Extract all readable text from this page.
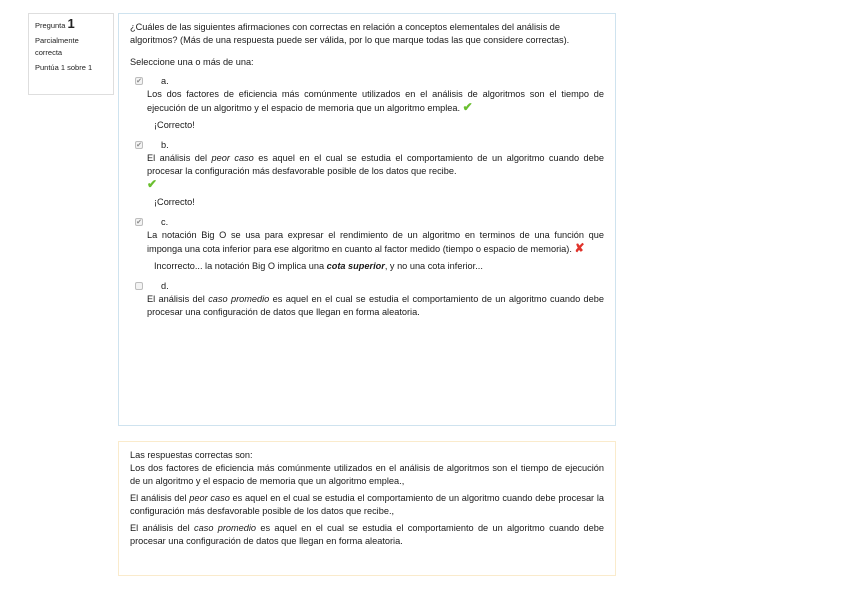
Pregunta 1
Parcialmente correcta
Puntúa 1 sobre 1

¿Cuáles de las siguientes afirmaciones con correctas en relación a conceptos elementales del análisis de algoritmos? (Más de una respuesta puede ser válida, por lo que marque todas las que considere correctas).

Seleccione una o más de una:

✔ a.
Los dos factores de eficiencia más comúnmente utilizados en el análisis de algoritmos son el tiempo de ejecución de un algoritmo y el espacio de memoria que un algoritmo emplea. ✔
¡Correcto!
✔ b.
El análisis del peor caso es aquel en el cual se estudia el comportamiento de un algoritmo cuando debe procesar la configuración más desfavorable posible de los datos que recibe.
✔
¡Correcto!
✔ c.
La notación Big O se usa para expresar el rendimiento de un algoritmo en terminos de una función que imponga una cota inferior para ese algoritmo en cuanto al factor medido (tiempo o espacio de memoria). ✘
Incorrecto... la notación Big O implica una cota superior, y no una cota inferior...
d.
El análisis del caso promedio es aquel en el cual se estudia el comportamiento de un algoritmo cuando debe procesar una configuración de datos que llegan en forma aleatoria.

Las respuestas correctas son:

Los dos factores de eficiencia más comúnmente utilizados en el análisis de algoritmos son el tiempo de ejecución de un algoritmo y el espacio de memoria que un algoritmo emplea.,

El análisis del peor caso es aquel en el cual se estudia el comportamiento de un algoritmo cuando debe procesar la configuración más desfavorable posible de los datos que recibe.,

El análisis del caso promedio es aquel en el cual se estudia el comportamiento de un algoritmo cuando debe procesar una configuración de datos que llegan en forma aleatoria.
